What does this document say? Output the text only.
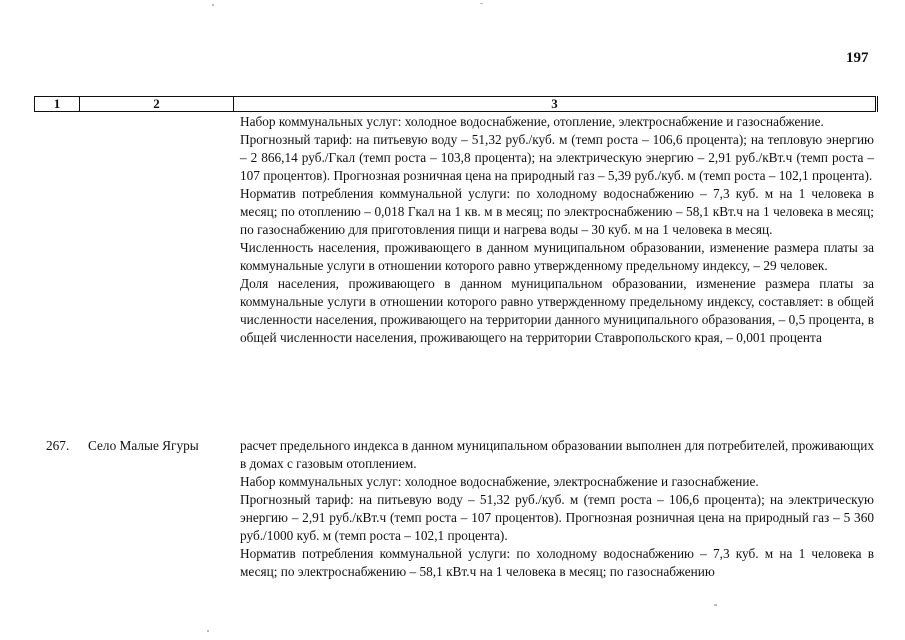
197
1	2	3

Набор коммунальных услуг: холодное водоснабжение, отопление, электроснабжение и газоснабжение.

Прогнозный тариф: на питьевую воду – 51,32 руб./куб. м (темп роста – 106,6 процента); на тепловую энергию – 2 866,14 руб./Гкал (темп роста – 103,8 процента); на электрическую энергию – 2,91 руб./кВт.ч (темп роста – 107 процентов). Прогнозная розничная цена на природный газ – 5,39 руб./куб. м (темп роста – 102,1 процента).

Норматив потребления коммунальной услуги: по холодному водоснабжению – 7,3 куб. м на 1 человека в месяц; по отоплению – 0,018 Гкал на 1 кв. м в месяц; по электроснабжению – 58,1 кВт.ч на 1 человека в месяц; по газоснабжению для приготовления пищи и нагрева воды – 30 куб. м на 1 человека в месяц.

Численность населения, проживающего в данном муниципальном образовании, изменение размера платы за коммунальные услуги в отношении которого равно утвержденному предельному индексу, – 29 человек.

Доля населения, проживающего в данном муниципальном образовании, изменение размера платы за коммунальные услуги в отношении которого равно утвержденному предельному индексу, составляет: в общей численности населения, проживающего на территории данного муниципального образования, – 0,5 процента, в общей численности населения, проживающего на территории Ставропольского края, – 0,001 процента

267. Село Малые Ягуры	расчет предельного индекса в данном муниципальном образовании выполнен для потребителей, проживающих в домах с газовым отоплением.

Набор коммунальных услуг: холодное водоснабжение, электроснабжение и газоснабжение.

Прогнозный тариф: на питьевую воду – 51,32 руб./куб. м (темп роста – 106,6 процента); на электрическую энергию – 2,91 руб./кВт.ч (темп роста – 107 процентов). Прогнозная розничная цена на природный газ – 5 360 руб./1000 куб. м (темп роста – 102,1 процента).

Норматив потребления коммунальной услуги: по холодному водоснабжению – 7,3 куб. м на 1 человека в месяц; по электроснабжению – 58,1 кВт.ч на 1 человека в месяц; по газоснабжению
